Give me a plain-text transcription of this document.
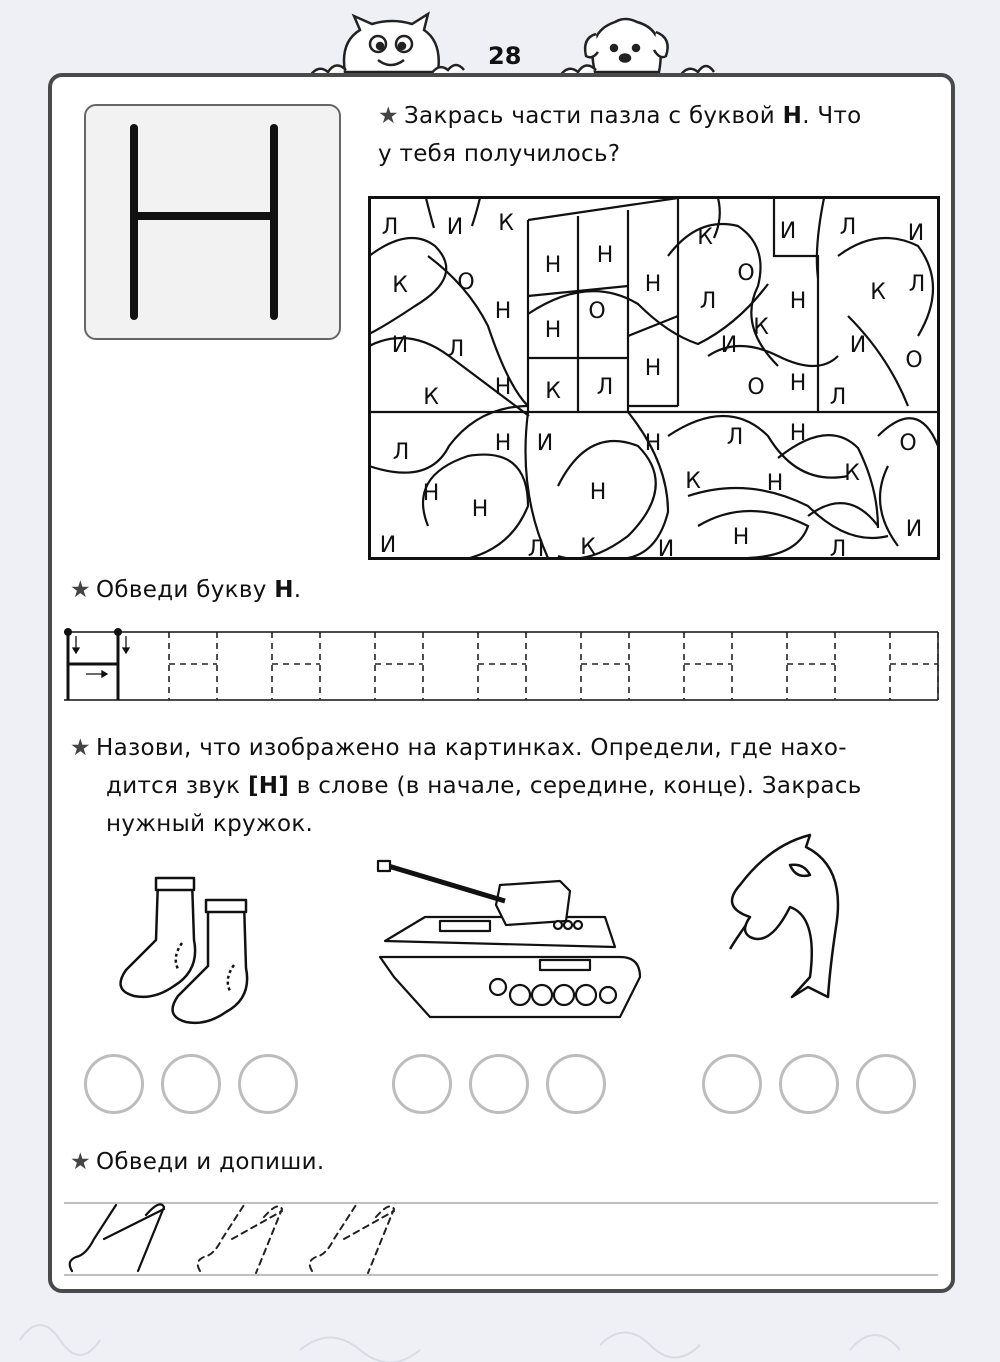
28
★ Закрась части пазла с буквой Н. Что
у тебя получилось?
Л И К
Н Н
К	И Л И
К О
Н	О
Н	О
Л	Н	К Л
Н	К
И
И Л	И
О
Н
Н К Л	О Н
Л
К
Н И	Н	Л Н	О
Л
К	Н	К
Н
Н
Н
Н	И
И	Л К	И	Л
★ Обведи букву Н.
★ Назови, что изображено на картинках. Определи, где нахо-
дится звук [Н] в слове (в начале, середине, конце). Закрась
нужный кружок.
★ Обведи и допиши.
